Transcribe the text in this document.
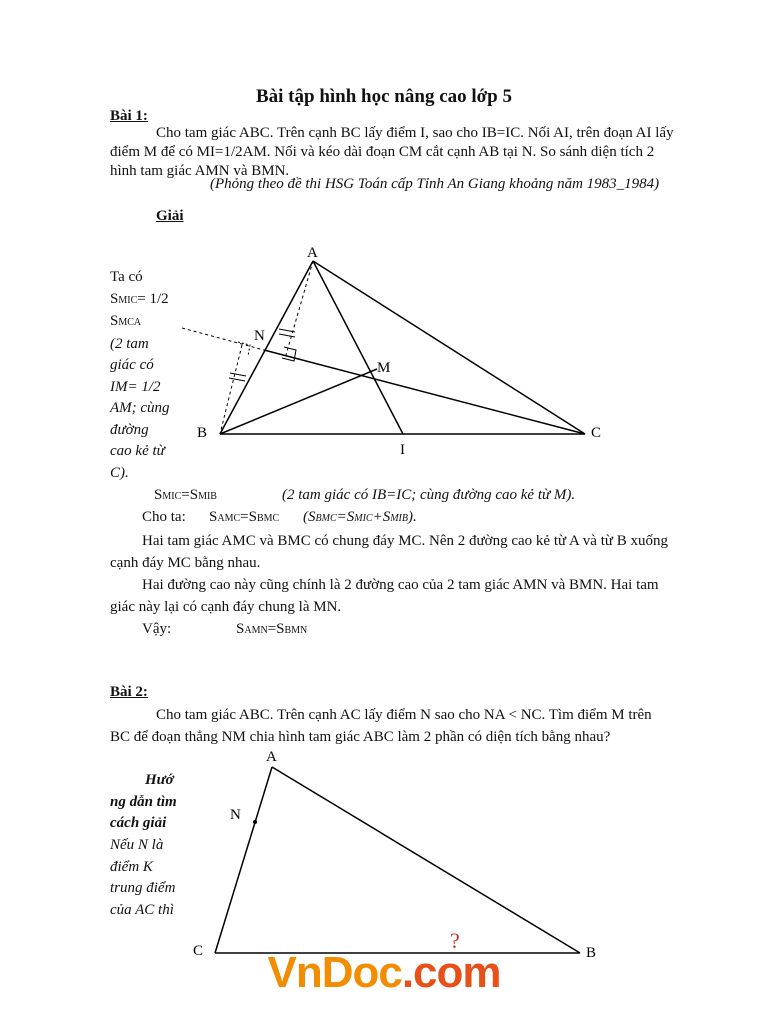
Bài tập hình học nâng cao lớp 5
Bài 1:
Cho tam giác ABC. Trên cạnh BC lấy điểm I, sao cho IB=IC. Nối AI, trên đoạn AI lấy điểm M để có MI=1/2AM. Nối và kéo dài đoạn CM cắt cạnh AB tại N. So sánh diện tích 2 hình tam giác AMN và BMN.
(Phỏng theo đề thi HSG Toán cấp Tỉnh An Giang khoảng năm 1983_1984)
Giải
Ta có
SMIC= 1/2
SMCA
(2 tam
giác có
IM= 1/2
AM; cùng
đường
cao kẻ từ
C).
A
B	C
I
M
N
SMIC=SMIB	(2 tam giác có IB=IC; cùng đường cao kẻ từ M).
Cho ta: SAMC=SBMC (SBMC=SMIC+SMIB).
Hai tam giác AMC và BMC có chung đáy MC. Nên 2 đường cao kẻ từ A và từ B xuống cạnh đáy MC bằng nhau.
Hai đường cao này cũng chính là 2 đường cao của 2 tam giác AMN và BMN. Hai tam giác này lại có cạnh đáy chung là MN.
Vậy:	SAMN=SBMN
Bài 2:
Cho tam giác ABC. Trên cạnh AC lấy điểm N sao cho NA < NC. Tìm điểm M trên BC để đoạn thẳng NM chia hình tam giác ABC làm 2 phần có diện tích bằng nhau?
Hướ
ng dẫn tìm
cách giải
Nếu N là
điểm K
trung điểm
của AC thì
A
C	B
N
?
VnDoc.com
